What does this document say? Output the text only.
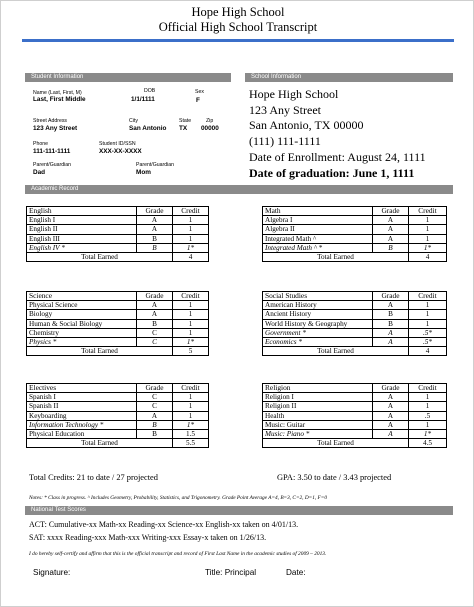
Hope High School
Official High School Transcript
Student Information	School Information
Name (Last, First, M)
Last, First Middle
DOB
1/1/1111
Sex
F
Street Address
123 Any Street
City
San Antonio
State
TX
Zip
00000
Phone
111-111-1111
Student ID/SSN
XXX-XX-XXXX
Parent/Guardian
Dad
Parent/Guardian
Mom
Hope High School
123 Any Street
San Antonio, TX 00000
(111) 111-1111
Date of Enrollment: August 24, 1111
Date of graduation: June 1, 1111
Academic Record
English	Grade	Credit
English I	A	1
English II	A	1
English III	B	1
English IV *	B	1*
Total Earned		4
Math	Grade	Credit
Algebra I	A	1
Algebra II	A	1
Integrated Math ^	A	1
Integrated Math ^ *	B	1*
Total Earned		4
Science	Grade	Credit
Physical Science	A	1
Biology	A	1
Human & Social Biology	B	1
Chemistry	C	1
Physics *	C	1*
Total Earned		5
Social Studies	Grade	Credit
American History	A	1
Ancient History	B	1
World History & Geography	B	1
Government *	A	.5*
Economics *	A	.5*
Total Earned		4
Electives	Grade	Credit
Spanish I	C	1
Spanish II	C	1
Keyboarding	A	1
Information Technology *	B	1*
Physical Education	B	1.5
Total Earned		5.5
Religion	Grade	Credit
Religion I	A	1
Religion II	A	1
Health	A	.5
Music: Guitar	A	1
Music: Piano *	A	1*
Total Earned		4.5
Total Credits: 21 to date / 27 projected	GPA: 3.50 to date / 3.43 projected
Notes: * Class in progress. ^ Includes Geometry, Probability, Statistics, and Trigonometry. Grade Point Average A=4, B=3, C=2, D=1, F=0
National Test Scores
ACT: Cumulative-xx Math-xx Reading-xx Science-xx English-xx taken on 4/01/13.
SAT: xxxx Reading-xxx Math-xxx Writing-xxx Essay-x taken on 1/26/13.
I do hereby self-certify and affirm that this is the official transcript and record of First Last Name in the academic studies of 2009 – 2013.
Signature:	Title: Principal	Date:
